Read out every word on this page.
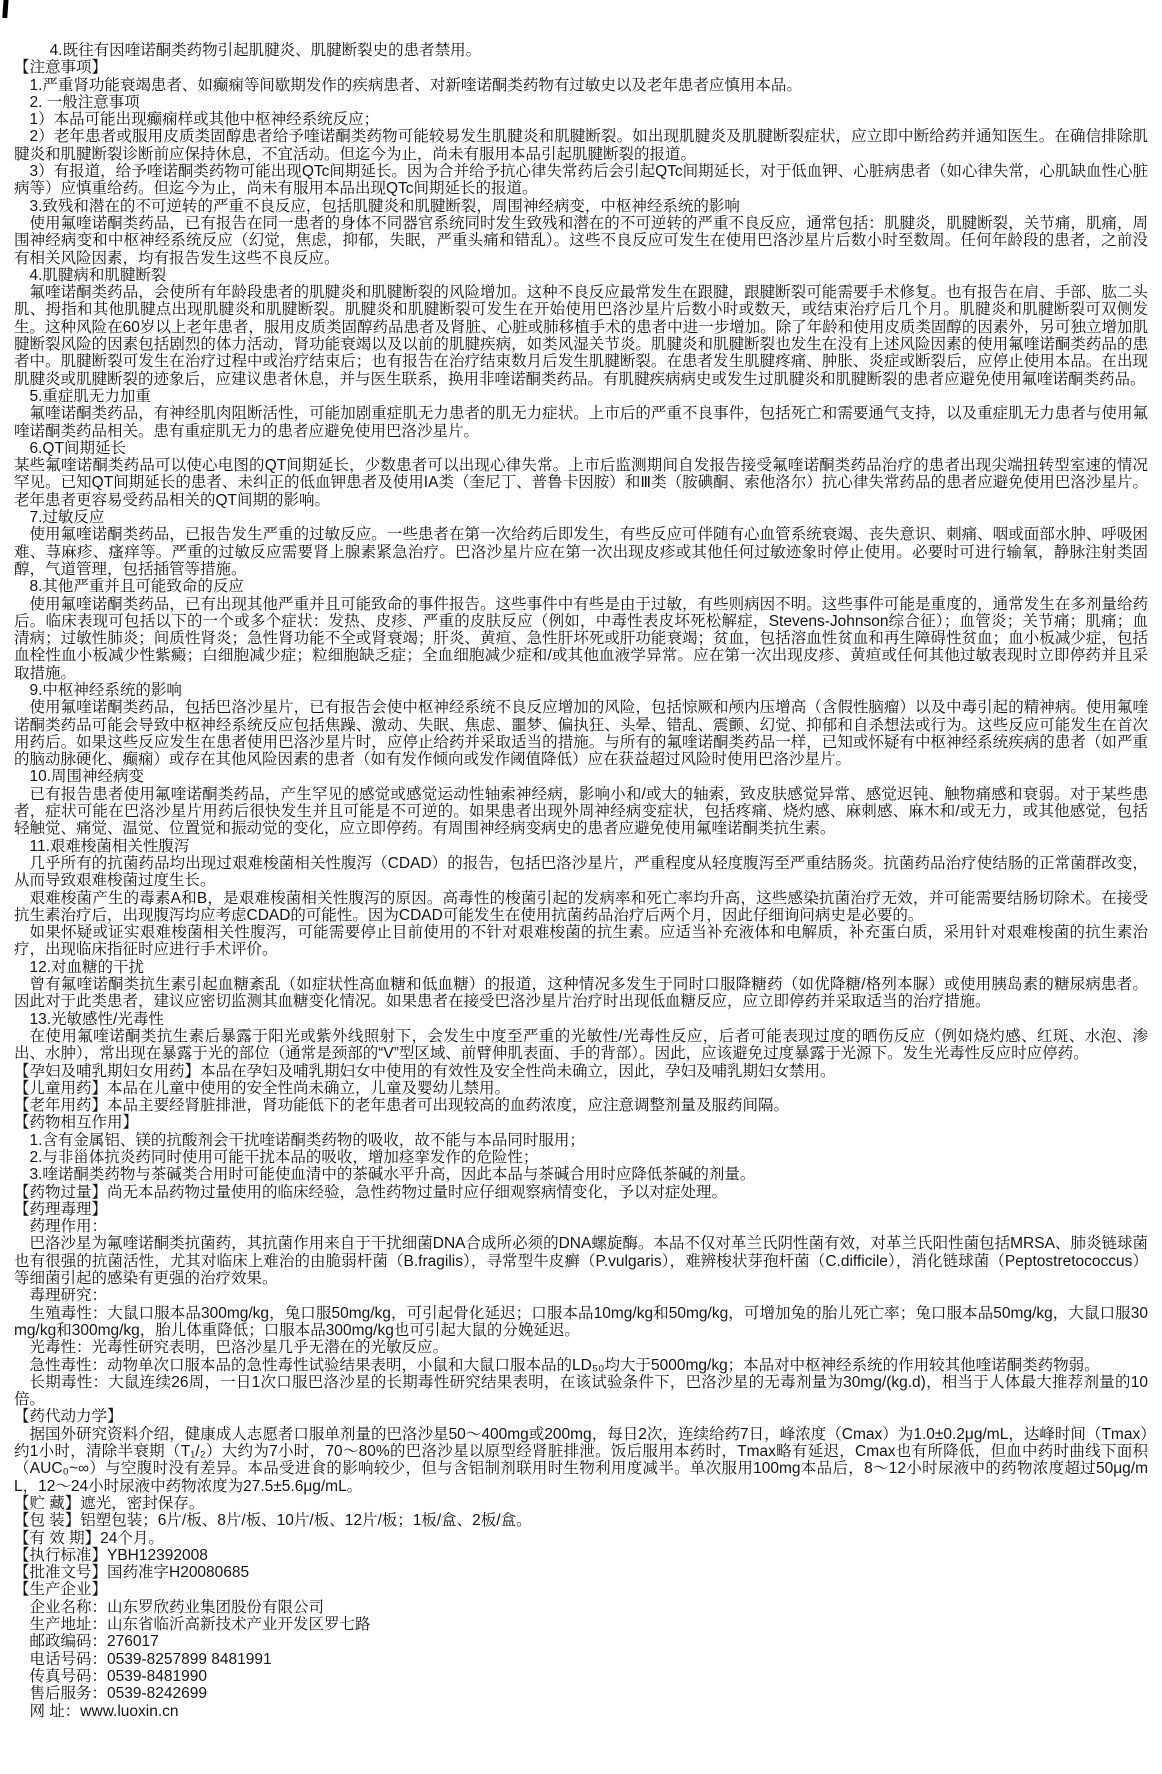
4.既往有因喹诺酮类药物引起肌腱炎、肌腱断裂史的患者禁用。

【注意事项】

1.严重肾功能衰竭患者、如癫痫等间歇期发作的疾病患者、对新喹诺酮类药物有过敏史以及老年患者应慎用本品。

2. 一般注意事项

1）本品可能出现癫痫样或其他中枢神经系统反应；

2）老年患者或服用皮质类固醇患者给予喹诺酮类药物可能较易发生肌腱炎和肌腱断裂。如出现肌腱炎及肌腱断裂症状，应立即中断给药并通知医生。在确信排除肌腱炎和肌腱断裂诊断前应保持休息，不宜活动。但迄今为止，尚未有服用本品引起肌腱断裂的报道。

3）有报道，给予喹诺酮类药物可能出现QTc间期延长。因为合并给予抗心律失常药后会引起QTc间期延长，对于低血钾、心脏病患者（如心律失常，心肌缺血性心脏病等）应慎重给药。但迄今为止，尚未有服用本品出现QTc间期延长的报道。

3.致残和潜在的不可逆转的严重不良反应，包括肌腱炎和肌腱断裂，周围神经病变，中枢神经系统的影响

使用氟喹诺酮类药品，已有报告在同一患者的身体不同器官系统同时发生致残和潜在的不可逆转的严重不良反应，通常包括：肌腱炎，肌腱断裂，关节痛，肌痛，周围神经病变和中枢神经系统反应（幻觉，焦虑，抑郁，失眠，严重头痛和错乱）。这些不良反应可发生在使用巴洛沙星片后数小时至数周。任何年龄段的患者，之前没有相关风险因素，均有报告发生这些不良反应。

4.肌腱病和肌腱断裂

氟喹诺酮类药品，会使所有年龄段患者的肌腱炎和肌腱断裂的风险增加。这种不良反应最常发生在跟腱，跟腱断裂可能需要手术修复。也有报告在肩、手部、肱二头肌、拇指和其他肌腱点出现肌腱炎和肌腱断裂。肌腱炎和肌腱断裂可发生在开始使用巴洛沙星片后数小时或数天，或结束治疗后几个月。肌腱炎和肌腱断裂可双侧发生。这种风险在60岁以上老年患者，服用皮质类固醇药品患者及肾脏、心脏或肺移植手术的患者中进一步增加。除了年龄和使用皮质类固醇的因素外，另可独立增加肌腱断裂风险的因素包括剧烈的体力活动，肾功能衰竭以及以前的肌腱疾病，如类风湿关节炎。肌腱炎和肌腱断裂也发生在没有上述风险因素的使用氟喹诺酮类药品的患者中。肌腱断裂可发生在治疗过程中或治疗结束后；也有报告在治疗结束数月后发生肌腱断裂。在患者发生肌腱疼痛、肿胀、炎症或断裂后，应停止使用本品。在出现肌腱炎或肌腱断裂的迹象后，应建议患者休息，并与医生联系，换用非喹诺酮类药品。有肌腱疾病病史或发生过肌腱炎和肌腱断裂的患者应避免使用氟喹诺酮类药品。

5.重症肌无力加重

氟喹诺酮类药品，有神经肌肉阻断活性，可能加剧重症肌无力患者的肌无力症状。上市后的严重不良事件，包括死亡和需要通气支持，以及重症肌无力患者与使用氟喹诺酮类药品相关。患有重症肌无力的患者应避免使用巴洛沙星片。

6.QT间期延长

某些氟喹诺酮类药品可以使心电图的QT间期延长，少数患者可以出现心律失常。上市后监测期间自发报告接受氟喹诺酮类药品治疗的患者出现尖端扭转型室速的情况罕见。已知QT间期延长的患者、未纠正的低血钾患者及使用IA类（奎尼丁、普鲁卡因胺）和Ⅲ类（胺碘酮、索他洛尔）抗心律失常药品的患者应避免使用巴洛沙星片。老年患者更容易受药品相关的QT间期的影响。

7.过敏反应

使用氟喹诺酮类药品，已报告发生严重的过敏反应。一些患者在第一次给药后即发生，有些反应可伴随有心血管系统衰竭、丧失意识、刺痛、咽或面部水肿、呼吸困难、荨麻疹、瘙痒等。严重的过敏反应需要肾上腺素紧急治疗。巴洛沙星片应在第一次出现皮疹或其他任何过敏迹象时停止使用。必要时可进行输氧，静脉注射类固醇，气道管理，包括插管等措施。

8.其他严重并且可能致命的反应

使用氟喹诺酮类药品，已有出现其他严重并且可能致命的事件报告。这些事件中有些是由于过敏，有些则病因不明。这些事件可能是重度的，通常发生在多剂量给药后。临床表现可包括以下的一个或多个症状：发热、皮疹、严重的皮肤反应（例如，中毒性表皮坏死松解症，Stevens-Johnson综合征）；血管炎；关节痛；肌痛；血清病；过敏性肺炎；间质性肾炎；急性肾功能不全或肾衰竭；肝炎、黄疸、急性肝坏死或肝功能衰竭；贫血，包括溶血性贫血和再生障碍性贫血；血小板减少症，包括血栓性血小板减少性紫癜；白细胞减少症；粒细胞缺乏症；全血细胞减少症和/或其他血液学异常。应在第一次出现皮疹、黄疸或任何其他过敏表现时立即停药并且采取措施。

9.中枢神经系统的影响

使用氟喹诺酮类药品，包括巴洛沙星片，已有报告会使中枢神经系统不良反应增加的风险，包括惊厥和颅内压增高（含假性脑瘤）以及中毒引起的精神病。使用氟喹诺酮类药品可能会导致中枢神经系统反应包括焦躁、激动、失眠、焦虑、噩梦、偏执狂、头晕、错乱、震颤、幻觉、抑郁和自杀想法或行为。这些反应可能发生在首次用药后。如果这些反应发生在患者使用巴洛沙星片时，应停止给药并采取适当的措施。与所有的氟喹诺酮类药品一样，已知或怀疑有中枢神经系统疾病的患者（如严重的脑动脉硬化、癫痫）或存在其他风险因素的患者（如有发作倾向或发作阈值降低）应在获益超过风险时使用巴洛沙星片。

10.周围神经病变

已有报告患者使用氟喹诺酮类药品，产生罕见的感觉或感觉运动性轴索神经病，影响小和/或大的轴索，致皮肤感觉异常、感觉迟钝、触物痛感和衰弱。对于某些患者，症状可能在巴洛沙星片用药后很快发生并且可能是不可逆的。如果患者出现外周神经病变症状，包括疼痛、烧灼感、麻刺感、麻木和/或无力，或其他感觉，包括轻触觉、痛觉、温觉、位置觉和振动觉的变化，应立即停药。有周围神经病变病史的患者应避免使用氟喹诺酮类抗生素。

11.艰难梭菌相关性腹泻

几乎所有的抗菌药品均出现过艰难梭菌相关性腹泻（CDAD）的报告，包括巴洛沙星片，严重程度从轻度腹泻至严重结肠炎。抗菌药品治疗使结肠的正常菌群改变，从而导致艰难梭菌过度生长。

艰难梭菌产生的毒素A和B，是艰难梭菌相关性腹泻的原因。高毒性的梭菌引起的发病率和死亡率均升高，这些感染抗菌治疗无效，并可能需要结肠切除术。在接受抗生素治疗后，出现腹泻均应考虑CDAD的可能性。因为CDAD可能发生在使用抗菌药品治疗后两个月，因此仔细询问病史是必要的。

如果怀疑或证实艰难梭菌相关性腹泻，可能需要停止目前使用的不针对艰难梭菌的抗生素。应适当补充液体和电解质，补充蛋白质，采用针对艰难梭菌的抗生素治疗，出现临床指征时应进行手术评价。

12.对血糖的干扰

曾有氟喹诺酮类抗生素引起血糖紊乱（如症状性高血糖和低血糖）的报道，这种情况多发生于同时口服降糖药（如优降糖/格列本脲）或使用胰岛素的糖尿病患者。因此对于此类患者，建议应密切监测其血糖变化情况。如果患者在接受巴洛沙星片治疗时出现低血糖反应，应立即停药并采取适当的治疗措施。

13.光敏感性/光毒性

在使用氟喹诺酮类抗生素后暴露于阳光或紫外线照射下，会发生中度至严重的光敏性/光毒性反应，后者可能表现过度的晒伤反应（例如烧灼感、红斑、水泡、渗出、水肿），常出现在暴露于光的部位（通常是颈部的“V”型区域、前臂伸肌表面、手的背部）。因此，应该避免过度暴露于光源下。发生光毒性反应时应停药。

【孕妇及哺乳期妇女用药】本品在孕妇及哺乳期妇女中使用的有效性及安全性尚未确立，因此，孕妇及哺乳期妇女禁用。

【儿童用药】本品在儿童中使用的安全性尚未确立，儿童及婴幼儿禁用。

【老年用药】本品主要经肾脏排泄，肾功能低下的老年患者可出现较高的血药浓度，应注意调整剂量及服药间隔。

【药物相互作用】

1.含有金属铝、镁的抗酸剂会干扰喹诺酮类药物的吸收，故不能与本品同时服用；

2.与非甾体抗炎药同时使用可能干扰本品的吸收，增加痉挛发作的危险性；

3.喹诺酮类药物与茶碱类合用时可能使血清中的茶碱水平升高，因此本品与茶碱合用时应降低茶碱的剂量。

【药物过量】尚无本品药物过量使用的临床经验，急性药物过量时应仔细观察病情变化，予以对症处理。

【药理毒理】

药理作用：

巴洛沙星为氟喹诺酮类抗菌药，其抗菌作用来自于干扰细菌DNA合成所必须的DNA螺旋酶。本品不仅对革兰氏阴性菌有效，对革兰氏阳性菌包括MRSA、肺炎链球菌也有很强的抗菌活性，尤其对临床上难治的由脆弱杆菌（B.fragilis），寻常型牛皮癣（P.vulgaris），难辨梭状芽孢杆菌（C.difficile），消化链球菌（Peptostretococcus）等细菌引起的感染有更强的治疗效果。

毒理研究：

生殖毒性：大鼠口服本品300mg/kg，兔口服50mg/kg，可引起骨化延迟；口服本品10mg/kg和50mg/kg，可增加兔的胎儿死亡率；兔口服本品50mg/kg，大鼠口服30mg/kg和300mg/kg，胎儿体重降低；口服本品300mg/kg也可引起大鼠的分娩延迟。

光毒性：光毒性研究表明，巴洛沙星几乎无潜在的光敏反应。

急性毒性：动物单次口服本品的急性毒性试验结果表明，小鼠和大鼠口服本品的LD₅₀均大于5000mg/kg；本品对中枢神经系统的作用较其他喹诺酮类药物弱。

长期毒性：大鼠连续26周，一日1次口服巴洛沙星的长期毒性研究结果表明，在该试验条件下，巴洛沙星的无毒剂量为30mg/(kg.d)，相当于人体最大推荐剂量的10倍。

【药代动力学】

据国外研究资料介绍，健康成人志愿者口服单剂量的巴洛沙星50～400mg或200mg，每日2次，连续给药7日，峰浓度（Cmax）为1.0±0.2μg/mL，达峰时间（Tmax）约1小时，清除半衰期（T₁/₂）大约为7小时，70～80%的巴洛沙星以原型经肾脏排泄。饭后服用本药时，Tmax略有延迟，Cmax也有所降低，但血中药时曲线下面积（AUC₀~∞）与空腹时没有差异。本品受进食的影响较少，但与含铝制剂联用时生物利用度减半。单次服用100mg本品后，8～12小时尿液中的药物浓度超过50μg/mL，12～24小时尿液中药物浓度为27.5±5.6μg/mL。

【贮 藏】遮光，密封保存。

【包 装】铝塑包装；6片/板、8片/板、10片/板、12片/板；1板/盒、2板/盒。

【有 效 期】24个月。

【执行标准】YBH12392008

【批准文号】国药准字H20080685

【生产企业】

企业名称：山东罗欣药业集团股份有限公司

生产地址：山东省临沂高新技术产业开发区罗七路

邮政编码：276017

电话号码：0539-8257899 8481991

传真号码：0539-8481990

售后服务：0539-8242699

网 址：www.luoxin.cn
